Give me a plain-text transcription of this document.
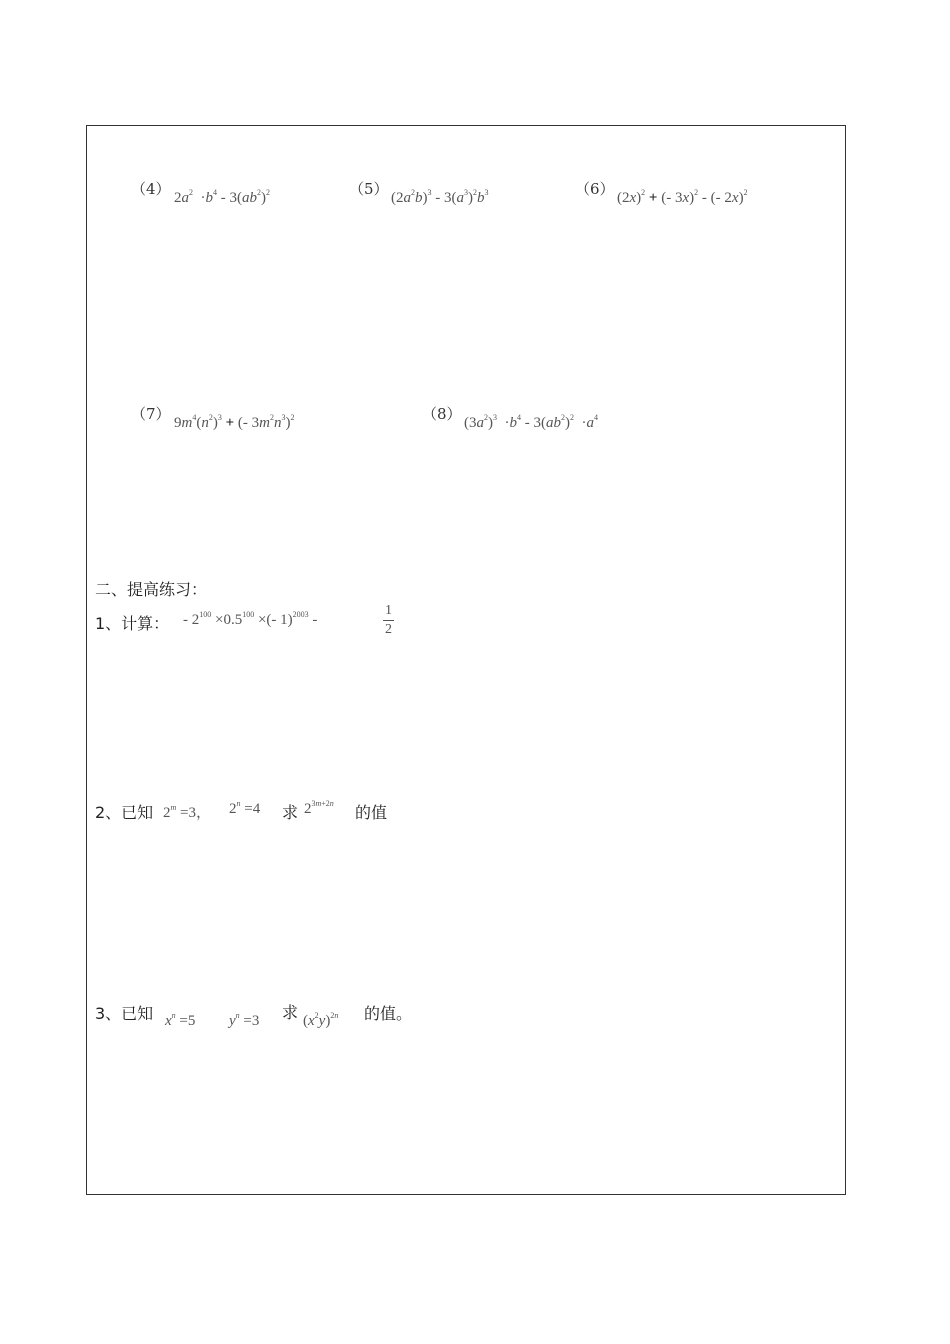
（4） $2a^2 \cdot b^4 - 3(ab^2)^2$	（5） $(2a^2b)^3 - 3(a^3)^2b^3$	（6） $(2x)^2$ + (- 3x)$^2$ - (- 2x)$^2$
（7） $9m^4(n^2)^3$ + (- $3m^2n^3)^2$	（8） $(3a^2)^3 \cdot b^4 - 3(ab^2)^2 \cdot a^4$
二、提高练习：
1、计算： - $2^{100} \times 0.5^{100}$ ×(- 1)$^{2003}$ -	$\frac{1}{2}$
2、已知 $2^m =3$， $2^n =4$ 求 $2^{3m+2n}$ 的值
3、已知 $x^n =5$ $y^n =3$ 求 $(x^2y)^{2n}$ 的值。
